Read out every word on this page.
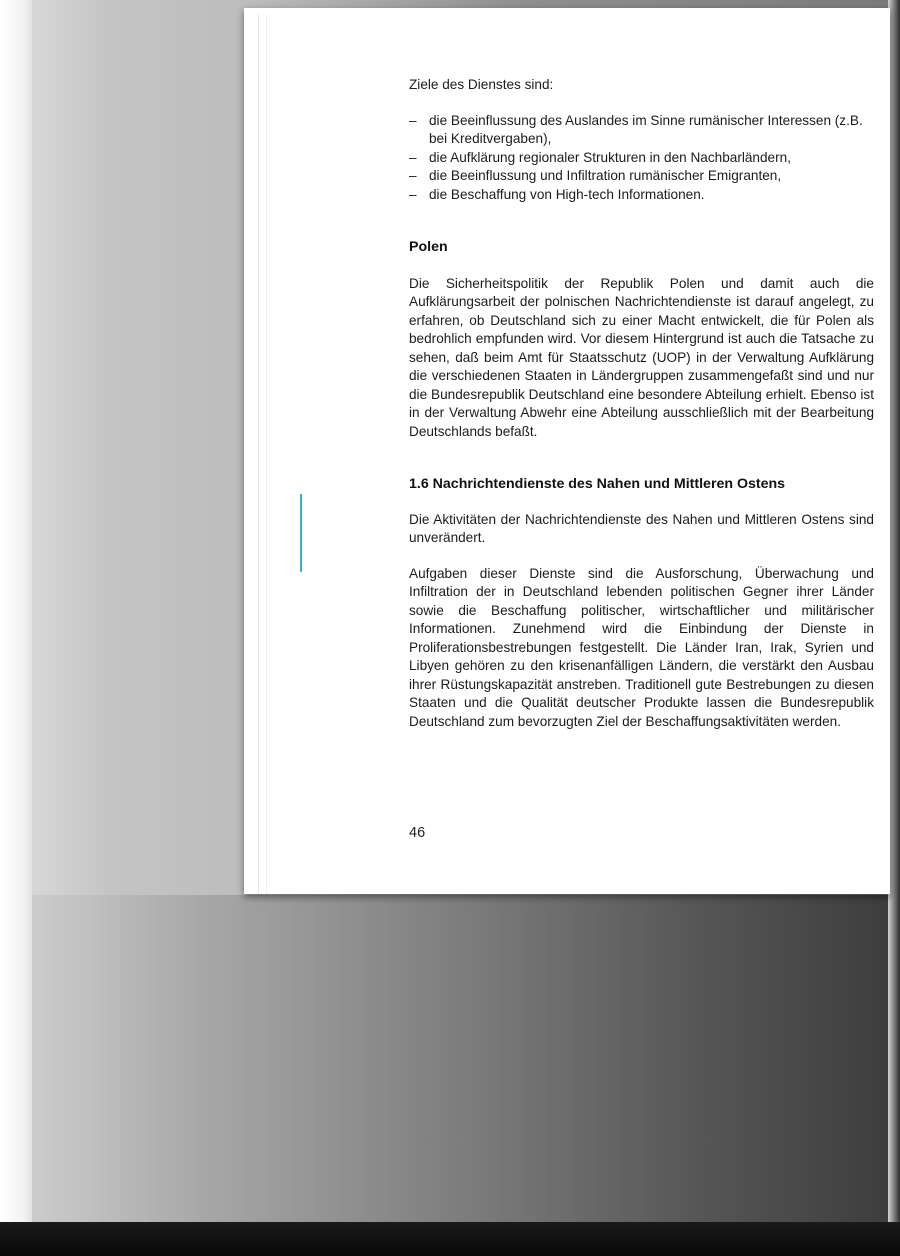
Ziele des Dienstes sind:

– die Beeinflussung des Auslandes im Sinne rumänischer Interessen (z.B. bei Kreditvergaben),
– die Aufklärung regionaler Strukturen in den Nachbarländern,
– die Beeinflussung und Infiltration rumänischer Emigranten,
– die Beschaffung von High-tech Informationen.
Polen

Die Sicherheitspolitik der Republik Polen und damit auch die Aufklärungsarbeit der polnischen Nachrichtendienste ist darauf angelegt, zu erfahren, ob Deutschland sich zu einer Macht entwickelt, die für Polen als bedrohlich empfunden wird. Vor diesem Hintergrund ist auch die Tatsache zu sehen, daß beim Amt für Staatsschutz (UOP) in der Verwaltung Aufklärung die verschiedenen Staaten in Ländergruppen zusammengefaßt sind und nur die Bundesrepublik Deutschland eine besondere Abteilung erhielt. Ebenso ist in der Verwaltung Abwehr eine Abteilung ausschließlich mit der Bearbeitung Deutschlands befaßt.

1.6 Nachrichtendienste des Nahen und Mittleren Ostens

Die Aktivitäten der Nachrichtendienste des Nahen und Mittleren Ostens sind unverändert.

Aufgaben dieser Dienste sind die Ausforschung, Überwachung und Infiltration der in Deutschland lebenden politischen Gegner ihrer Länder sowie die Beschaffung politischer, wirtschaftlicher und militärischer Informationen. Zunehmend wird die Einbindung der Dienste in Proliferationsbestrebungen festgestellt. Die Länder Iran, Irak, Syrien und Libyen gehören zu den krisenanfälligen Ländern, die verstärkt den Ausbau ihrer Rüstungskapazität anstreben. Traditionell gute Bestrebungen zu diesen Staaten und die Qualität deutscher Produkte lassen die Bundesrepublik Deutschland zum bevorzugten Ziel der Beschaffungsaktivitäten werden.

46
